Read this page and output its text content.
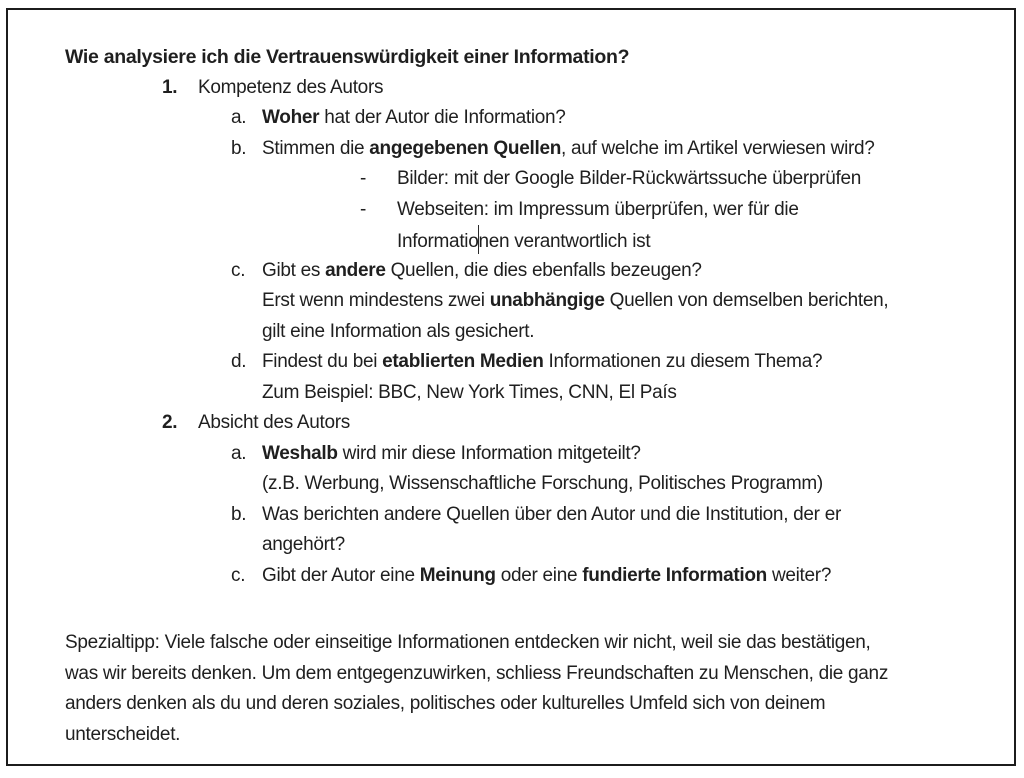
Wie analysiere ich die Vertrauenswürdigkeit einer Information?
1. Kompetenz des Autors
a. Woher hat der Autor die Information?
b. Stimmen die angegebenen Quellen, auf welche im Artikel verwiesen wird?
- Bilder: mit der Google Bilder-Rückwärtssuche überprüfen
- Webseiten: im Impressum überprüfen, wer für die
Informationen verantwortlich ist
c. Gibt es andere Quellen, die dies ebenfalls bezeugen?
Erst wenn mindestens zwei unabhängige Quellen von demselben berichten,
gilt eine Information als gesichert.
d. Findest du bei etablierten Medien Informationen zu diesem Thema?
Zum Beispiel: BBC, New York Times, CNN, El País
2. Absicht des Autors
a. Weshalb wird mir diese Information mitgeteilt?
(z.B. Werbung, Wissenschaftliche Forschung, Politisches Programm)
b. Was berichten andere Quellen über den Autor und die Institution, der er
angehört?
c. Gibt der Autor eine Meinung oder eine fundierte Information weiter?
Spezialtipp: Viele falsche oder einseitige Informationen entdecken wir nicht, weil sie das bestätigen,
was wir bereits denken. Um dem entgegenzuwirken, schliess Freundschaften zu Menschen, die ganz
anders denken als du und deren soziales, politisches oder kulturelles Umfeld sich von deinem
unterscheidet.
